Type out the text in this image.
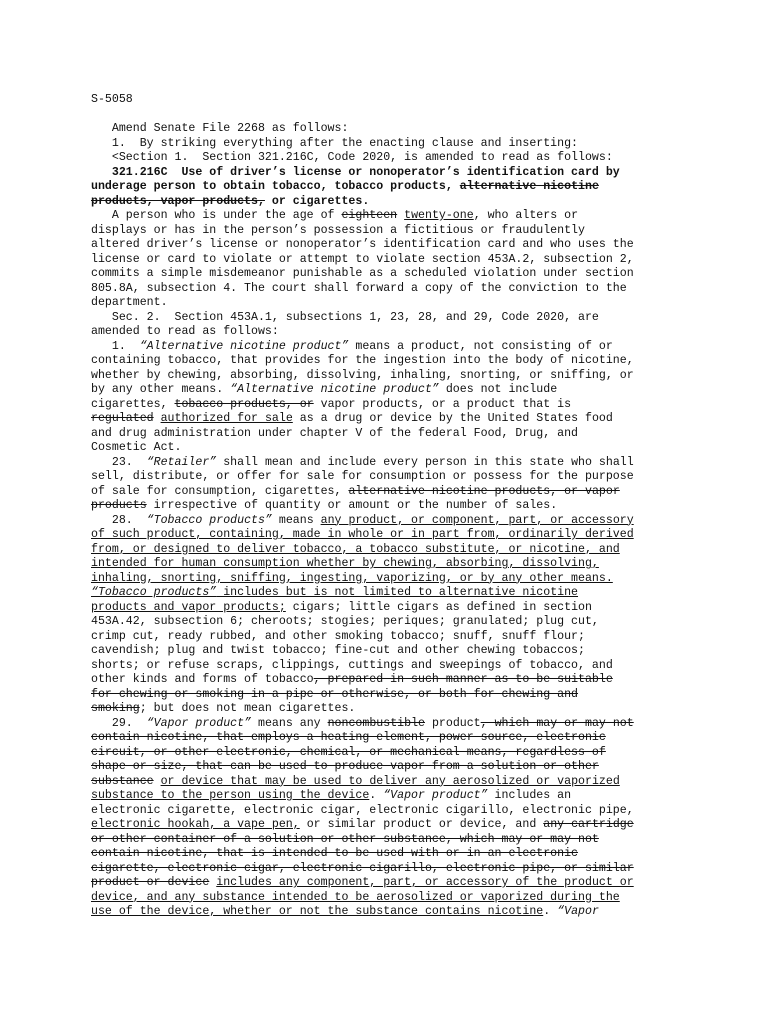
S-5058
Amend Senate File 2268 as follows:
1.  By striking everything after the enacting clause and inserting:
<Section 1.  Section 321.216C, Code 2020, is amended to read as follows:
321.216C  Use of driver’s license or nonoperator’s identification card by
underage person to obtain tobacco, tobacco products, alternative nicotine
products, vapor products, or cigarettes.
A person who is under the age of eighteen twenty-one, who alters or
displays or has in the person’s possession a fictitious or fraudulently
altered driver’s license or nonoperator’s identification card and who uses the
license or card to violate or attempt to violate section 453A.2, subsection 2,
commits a simple misdemeanor punishable as a scheduled violation under section
805.8A, subsection 4. The court shall forward a copy of the conviction to the
department.
Sec. 2.  Section 453A.1, subsections 1, 23, 28, and 29, Code 2020, are
amended to read as follows:
1.  “Alternative nicotine product” means a product, not consisting of or
containing tobacco, that provides for the ingestion into the body of nicotine,
whether by chewing, absorbing, dissolving, inhaling, snorting, or sniffing, or
by any other means. “Alternative nicotine product” does not include
cigarettes, tobacco products, or vapor products, or a product that is
regulated authorized for sale as a drug or device by the United States food
and drug administration under chapter V of the federal Food, Drug, and
Cosmetic Act.
23.  “Retailer” shall mean and include every person in this state who shall
sell, distribute, or offer for sale for consumption or possess for the purpose
of sale for consumption, cigarettes, alternative nicotine products, or vapor
products irrespective of quantity or amount or the number of sales.
28.  “Tobacco products” means any product, or component, part, or accessory
of such product, containing, made in whole or in part from, ordinarily derived
from, or designed to deliver tobacco, a tobacco substitute, or nicotine, and
intended for human consumption whether by chewing, absorbing, dissolving,
inhaling, snorting, sniffing, ingesting, vaporizing, or by any other means.
“Tobacco products” includes but is not limited to alternative nicotine
products and vapor products; cigars; little cigars as defined in section
453A.42, subsection 6; cheroots; stogies; periques; granulated; plug cut,
crimp cut, ready rubbed, and other smoking tobacco; snuff, snuff flour;
cavendish; plug and twist tobacco; fine-cut and other chewing tobaccos;
shorts; or refuse scraps, clippings, cuttings and sweepings of tobacco, and
other kinds and forms of tobacco, prepared in such manner as to be suitable
for chewing or smoking in a pipe or otherwise, or both for chewing and
smoking; but does not mean cigarettes.
29.  “Vapor product” means any noncombustible product, which may or may not
contain nicotine, that employs a heating element, power source, electronic
circuit, or other electronic, chemical, or mechanical means, regardless of
shape or size, that can be used to produce vapor from a solution or other
substance or device that may be used to deliver any aerosolized or vaporized
substance to the person using the device. “Vapor product” includes an
electronic cigarette, electronic cigar, electronic cigarillo, electronic pipe,
electronic hookah, a vape pen, or similar product or device, and any cartridge
or other container of a solution or other substance, which may or may not
contain nicotine, that is intended to be used with or in an electronic
cigarette, electronic cigar, electronic cigarillo, electronic pipe, or similar
product or device includes any component, part, or accessory of the product or
device, and any substance intended to be aerosolized or vaporized during the
use of the device, whether or not the substance contains nicotine. “Vapor
